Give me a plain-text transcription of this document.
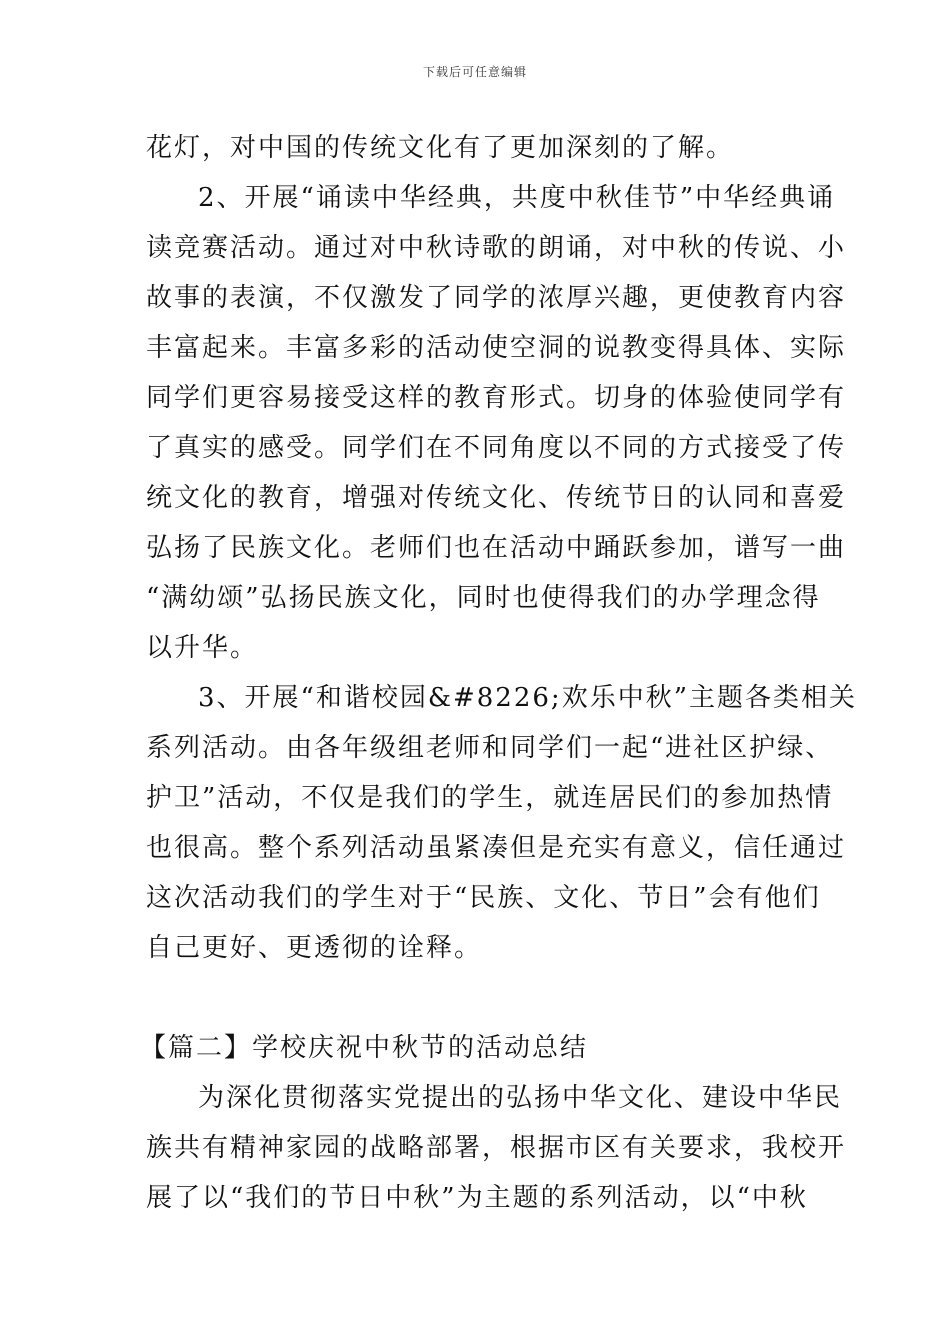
下载后可任意编辑
花灯，对中国的传统文化有了更加深刻的了解。
2、开展“诵读中华经典，共度中秋佳节”中华经典诵
读竞赛活动。通过对中秋诗歌的朗诵，对中秋的传说、小
故事的表演，不仅激发了同学的浓厚兴趣，更使教育内容
丰富起来。丰富多彩的活动使空洞的说教变得具体、实际
同学们更容易接受这样的教育形式。切身的体验使同学有
了真实的感受。同学们在不同角度以不同的方式接受了传
统文化的教育，增强对传统文化、传统节日的认同和喜爱
弘扬了民族文化。老师们也在活动中踊跃参加，谱写一曲
“满幼颂”弘扬民族文化，同时也使得我们的办学理念得
以升华。
3、开展“和谐校园&#8226;欢乐中秋”主题各类相关
系列活动。由各年级组老师和同学们一起“进社区护绿、
护卫”活动，不仅是我们的学生，就连居民们的参加热情
也很高。整个系列活动虽紧凑但是充实有意义，信任通过
这次活动我们的学生对于“民族、文化、节日”会有他们
自己更好、更透彻的诠释。
【篇二】学校庆祝中秋节的活动总结
为深化贯彻落实党提出的弘扬中华文化、建设中华民
族共有精神家园的战略部署，根据市区有关要求，我校开
展了以“我们的节日中秋”为主题的系列活动，以“中秋
